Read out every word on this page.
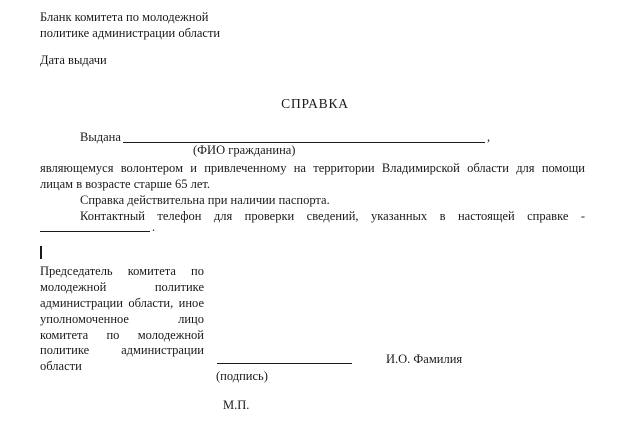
Бланк комитета по молодежной
политике администрации области
Дата выдачи
СПРАВКА
Выдана	,
(ФИО гражданина)
являющемуся волонтером и привлеченному на территории Владимирской области для помощи
лицам в возрасте старше 65 лет.
Справка действительна при наличии паспорта.
Контактный телефон для проверки сведений, указанных в настоящей справке -
.
Председатель комитета по
молодежной политике
администрации области, иное
уполномоченное лицо
комитета по молодежной
политике администрации
области
И.О. Фамилия
(подпись)
М.П.
